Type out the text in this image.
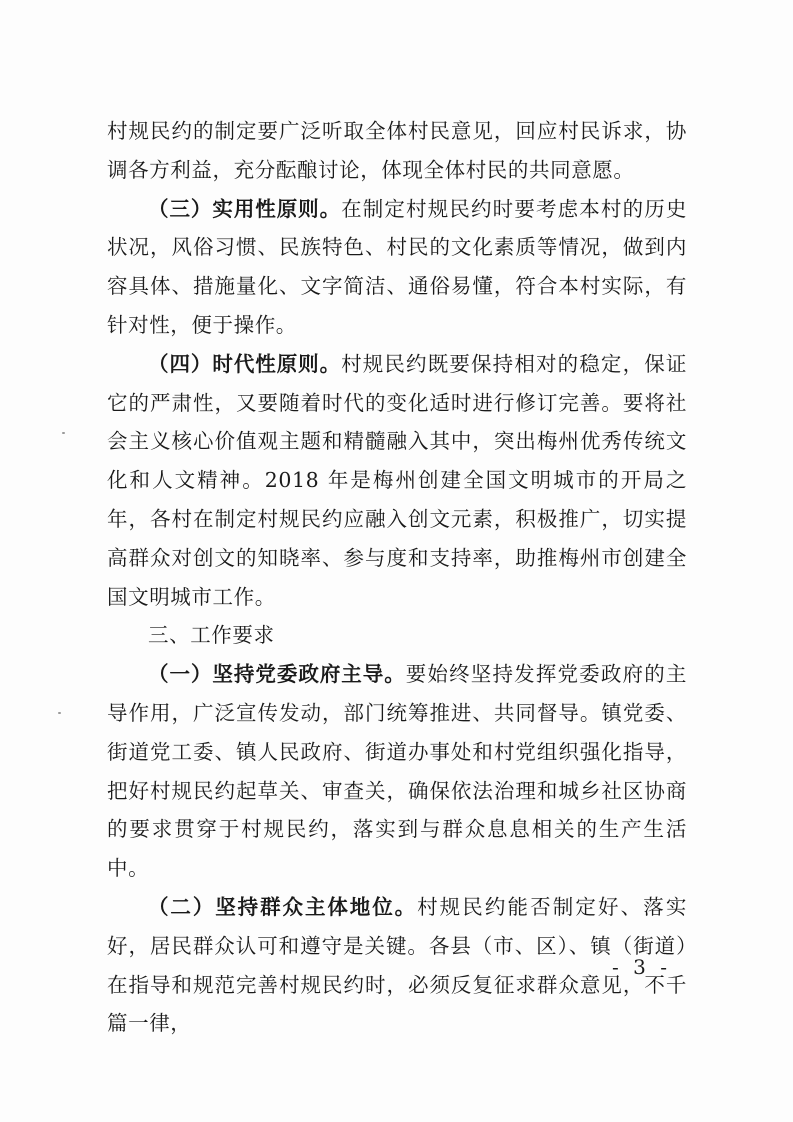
村规民约的制定要广泛听取全体村民意见，回应村民诉求，协调各方利益，充分酝酿讨论，体现全体村民的共同意愿。

（三）实用性原则。在制定村规民约时要考虑本村的历史状况，风俗习惯、民族特色、村民的文化素质等情况，做到内容具体、措施量化、文字简洁、通俗易懂，符合本村实际，有针对性，便于操作。

（四）时代性原则。村规民约既要保持相对的稳定，保证它的严肃性，又要随着时代的变化适时进行修订完善。要将社会主义核心价值观主题和精髓融入其中，突出梅州优秀传统文化和人文精神。2018 年是梅州创建全国文明城市的开局之年，各村在制定村规民约应融入创文元素，积极推广，切实提高群众对创文的知晓率、参与度和支持率，助推梅州市创建全国文明城市工作。

三、工作要求

（一）坚持党委政府主导。要始终坚持发挥党委政府的主导作用，广泛宣传发动，部门统筹推进、共同督导。镇党委、街道党工委、镇人民政府、街道办事处和村党组织强化指导，把好村规民约起草关、审查关，确保依法治理和城乡社区协商的要求贯穿于村规民约，落实到与群众息息相关的生产生活中。

（二）坚持群众主体地位。村规民约能否制定好、落实好，居民群众认可和遵守是关键。各县（市、区）、镇（街道）在指导和规范完善村规民约时，必须反复征求群众意见，不千篇一律，

- 3 -
